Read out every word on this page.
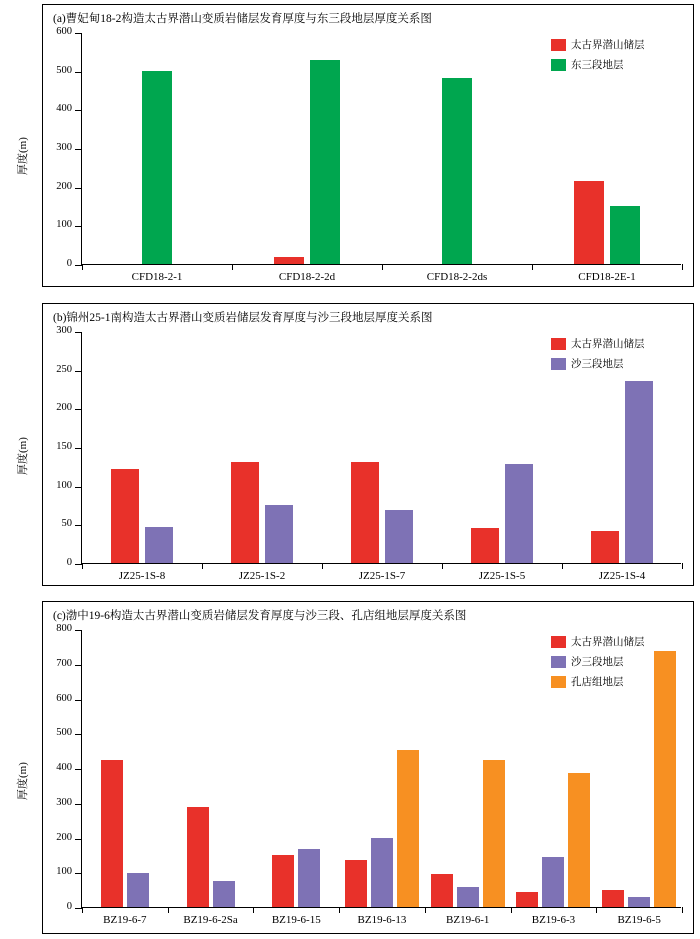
厚度(m)
(a)曹妃甸18-2构造太古界潜山变质岩储层发育厚度与东三段地层厚度关系图
0
100
200
300
400
500
600
CFD18-2-1	CFD18-2-2d	CFD18-2-2ds	CFD18-2E-1
太古界潜山储层
东三段地层
厚度(m)
(b)锦州25-1南构造太古界潜山变质岩储层发育厚度与沙三段地层厚度关系图
0
50
100
150
200
250
300
JZ25-1S-8	JZ25-1S-2	JZ25-1S-7	JZ25-1S-5	JZ25-1S-4
太古界潜山储层
沙三段地层
厚度(m)
(c)渤中19-6构造太古界潜山变质岩储层发育厚度与沙三段、孔店组地层厚度关系图
0
100
200
300
400
500
600
700
800
BZ19-6-7	BZ19-6-2Sa	BZ19-6-15	BZ19-6-13	BZ19-6-1	BZ19-6-3	BZ19-6-5
太古界潜山储层
沙三段地层
孔店组地层
